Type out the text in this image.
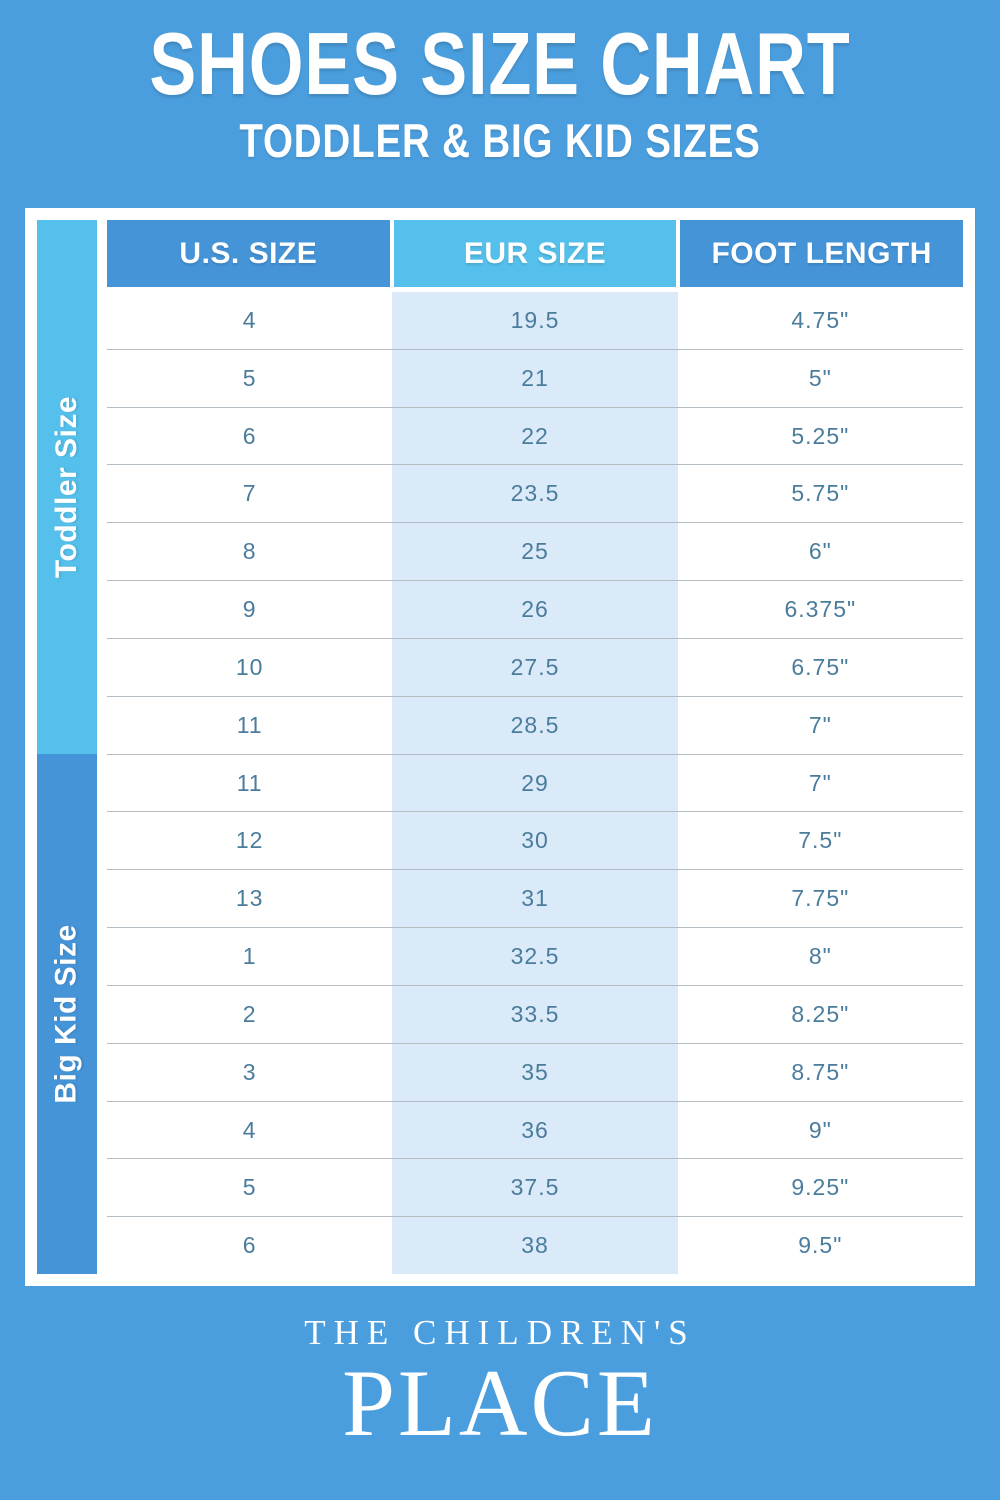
SHOES SIZE CHART
TODDLER & BIG KID SIZES
Toddler Size
Big Kid Size
U.S. SIZE	EUR SIZE	FOOT LENGTH
4	19.5	4.75"
5	21	5"
6	22	5.25"
7	23.5	5.75"
8	25	6"
9	26	6.375"
10	27.5	6.75"
11	28.5	7"
11	29	7"
12	30	7.5"
13	31	7.75"
1	32.5	8"
2	33.5	8.25"
3	35	8.75"
4	36	9"
5	37.5	9.25"
6	38	9.5"
THE CHILDREN'S
PLACE
